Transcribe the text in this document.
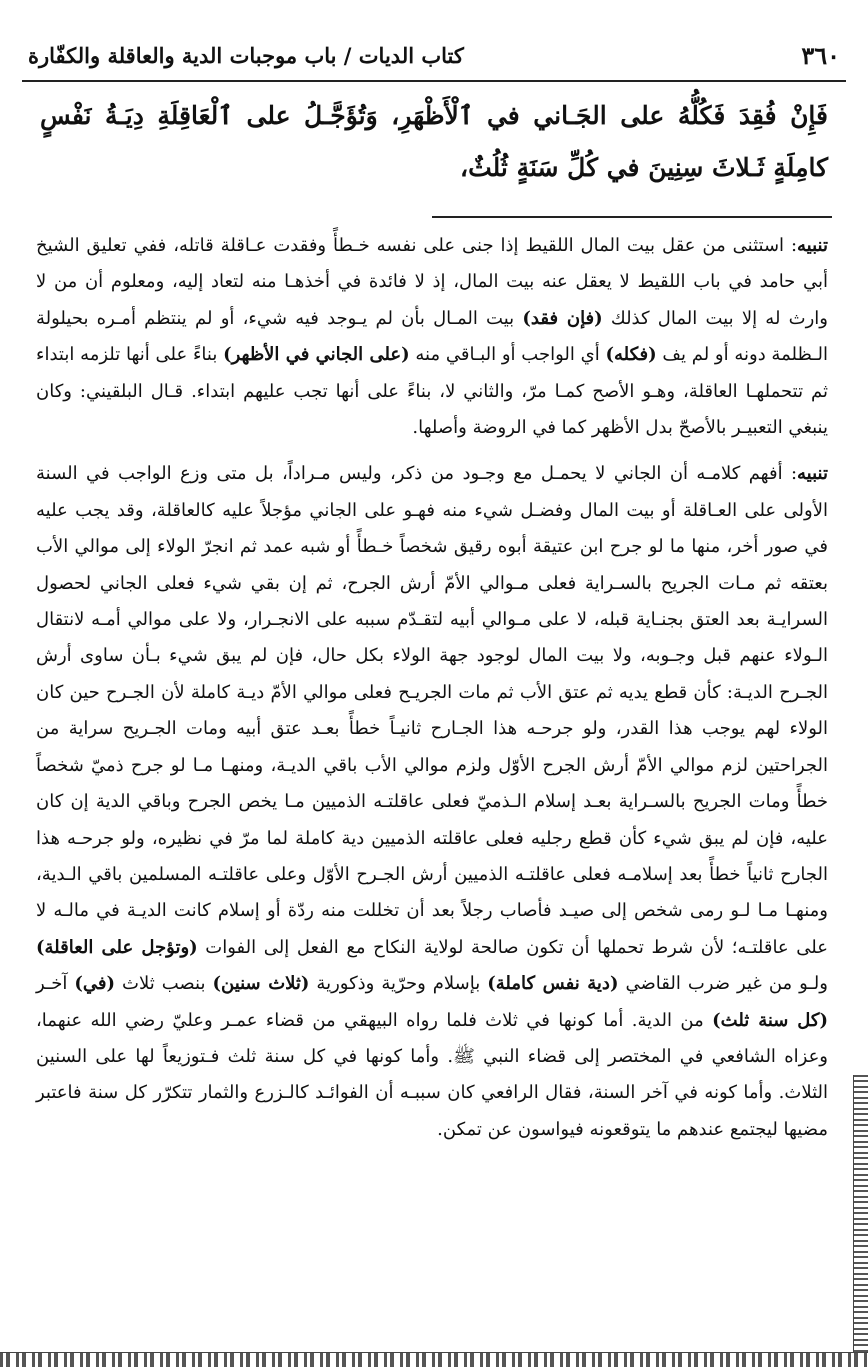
٣٦٠
كتاب الديات / باب موجبات الدية والعاقلة والكفّارة
فَإِنْ فُقِدَ فَكُلُّهُ على الجَـاني في ٱلْأَظْهَرِ، وَتُؤَجَّـلُ على ٱلْعَاقِلَةِ دِيَـةُ نَفْسٍ كامِلَةٍ ثَـلاثَ سِنِينَ في كُلِّ سَنَةٍ ثُلُثٌ،

تنبيه: استثنى من عقل بيت المال اللقيط إذا جنى على نفسه خـطأً وفقدت عـاقلة قاتله، ففي تعليق الشيخ أبي حامد في باب اللقيط لا يعقل عنه بيت المال، إذ لا فائدة في أخذهـا منه لتعاد إليه، ومعلوم أن من لا وارث له إلا بيت المال كذلك (فإن فقد) بيت المـال بأن لم يـوجد فيه شيء، أو لم ينتظم أمـره بحيلولة الـظلمة دونه أو لم يف (فكله) أي الواجب أو البـاقي منه (على الجاني في الأظهر) بناءً على أنها تلزمه ابتداء ثم تتحملهـا العاقلة، وهـو الأصح كمـا مرّ، والثاني لا، بناءً على أنها تجب عليهم ابتداء. قـال البلقيني: وكان ينبغي التعبيـر بالأصحّ بدل الأظهر كما في الروضة وأصلها.

تنبيه: أفهم كلامـه أن الجاني لا يحمـل مع وجـود من ذكر، وليس مـراداً، بل متى وزع الواجب في السنة الأولى على العـاقلة أو بيت المال وفضـل شيء منه فهـو على الجاني مؤجلاً عليه كالعاقلة، وقد يجب عليه في صور أخر، منها ما لو جرح ابن عتيقة أبوه رقيق شخصاً خـطأً أو شبه عمد ثم انجرّ الولاء إلى موالي الأب بعتقه ثم مـات الجريح بالسـراية فعلى مـوالي الأمّ أرش الجرح، ثم إن بقي شيء فعلى الجاني لحصول السرايـة بعد العتق بجنـاية قبله، لا على مـوالي أبيه لتقـدّم سببه على الانجـرار، ولا على موالي أمـه لانتقال الـولاء عنهم قبل وجـوبه، ولا بيت المال لوجود جهة الولاء بكل حال، فإن لم يبق شيء بـأن ساوى أرش الجـرح الديـة: كأن قطع يديه ثم عتق الأب ثم مات الجريـح فعلى موالي الأمّ ديـة كاملة لأن الجـرح حين كان الولاء لهم يوجب هذا القدر، ولو جرحـه هذا الجـارح ثانيـاً خطأً بعـد عتق أبيه ومات الجـريح سراية من الجراحتين لزم موالي الأمّ أرش الجرح الأوّل ولزم موالي الأب باقي الديـة، ومنهـا مـا لو جرح ذميّ شخصاً خطأً ومات الجريح بالسـراية بعـد إسلام الـذميّ فعلى عاقلتـه الذميين مـا يخص الجرح وباقي الدية إن كان عليه، فإن لم يبق شيء كأن قطع رجليه فعلى عاقلته الذميين دية كاملة لما مرّ في نظيره، ولو جرحـه هذا الجارح ثانياً خطأً بعد إسلامـه فعلى عاقلتـه الذميين أرش الجـرح الأوّل وعلى عاقلتـه المسلمين باقي الـدية، ومنهـا مـا لـو رمى شخص إلى صيـد فأصاب رجلاً بعد أن تخللت منه ردّة أو إسلام كانت الديـة في مالـه لا على عاقلتـه؛ لأن شرط تحملها أن تكون صالحة لولاية النكاح مع الفعل إلى الفوات (وتؤجل على العاقلة) ولـو من غير ضرب القاضي (دية نفس كاملة) بإسلام وحرّية وذكورية (ثلاث سنين) بنصب ثلاث (في) آخـر (كل سنة ثلث) من الدية. أما كونها في ثلاث فلما رواه البيهقي من قضاء عمـر وعليّ رضي الله عنهما، وعزاه الشافعي في المختصر إلى قضاء النبي ﷺ. وأما كونها في كل سنة ثلث فـتوزيعاً لها على السنين الثلاث. وأما كونه في آخر السنة، فقال الرافعي كان سببـه أن الفوائـد كالـزرع والثمار تتكرّر كل سنة فاعتبر مضيها ليجتمع عندهم ما يتوقعونه فيواسون عن تمكن.
